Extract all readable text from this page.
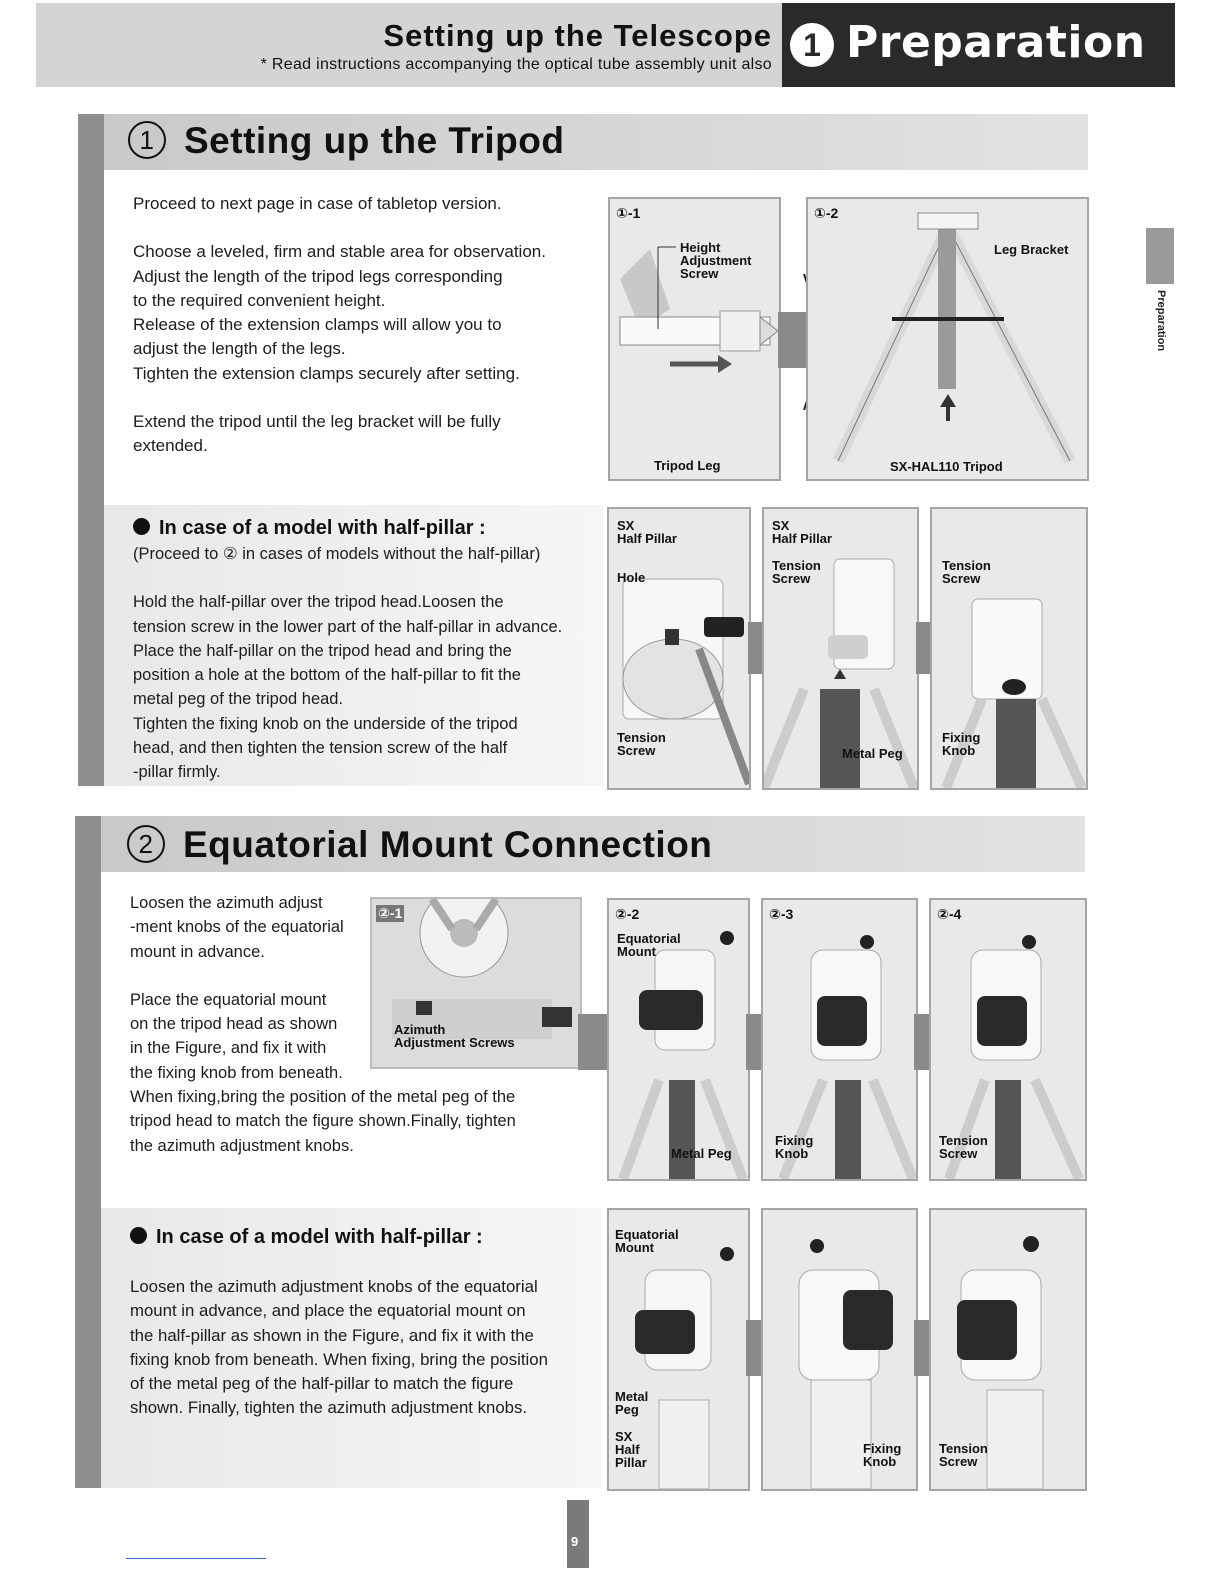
Setting up the Telescope
* Read instructions accompanying the optical tube assembly unit also
1 Preparation
Preparation
1 Setting up the Tripod

Proceed to next page in case of tabletop version.

Choose a leveled, firm and stable area for observation.

Adjust the length of the tripod legs corresponding

to the required convenient height.

Release of the extension clamps will allow you to

adjust the length of the legs.

Tighten the extension clamps securely after setting.

Extend the tripod until the leg bracket will be fully

extended.

①-1
Height
Adjustment
Screw
Tripod Leg
①-2
Leg Bracket
SX-HAL110 Tripod
In case of a model with half-pillar :

(Proceed to ② in cases of models without the half-pillar)

Hold the half-pillar over the tripod head.Loosen the

tension screw in the lower part of the half-pillar in advance.

Place the half-pillar on the tripod head and bring the

position a hole at the bottom of the half-pillar to fit the

metal peg of the tripod head.

Tighten the fixing knob on the underside of the tripod

head, and then tighten the tension screw of the half

-pillar firmly.

SX
Half Pillar
Hole
Tension
Screw
SX
Half Pillar
Tension
Screw
Metal Peg
Tension
Screw
Fixing
Knob
2 Equatorial Mount Connection

Loosen the azimuth adjust

-ment knobs of the equatorial

mount in advance.

Place the equatorial mount

on the tripod head as shown

in the Figure, and fix it with

the fixing knob from beneath.

When fixing,bring the position of the metal peg of the

tripod head to match the figure shown.Finally, tighten

the azimuth adjustment knobs.

②-1
Azimuth
Adjustment Screws
②-2
Equatorial
Mount
Metal Peg
②-3
Fixing
Knob
②-4
Tension
Screw
In case of a model with half-pillar :

Loosen the azimuth adjustment knobs of the equatorial

mount in advance, and place the equatorial mount on

the half-pillar as shown in the Figure, and fix it with the

fixing knob from beneath. When fixing, bring the position

of the metal peg of the half-pillar to match the figure

shown. Finally, tighten the azimuth adjustment knobs.

Equatorial
Mount
Metal
Peg
SX
Half
Pillar
Fixing
Knob
Tension
Screw
9
